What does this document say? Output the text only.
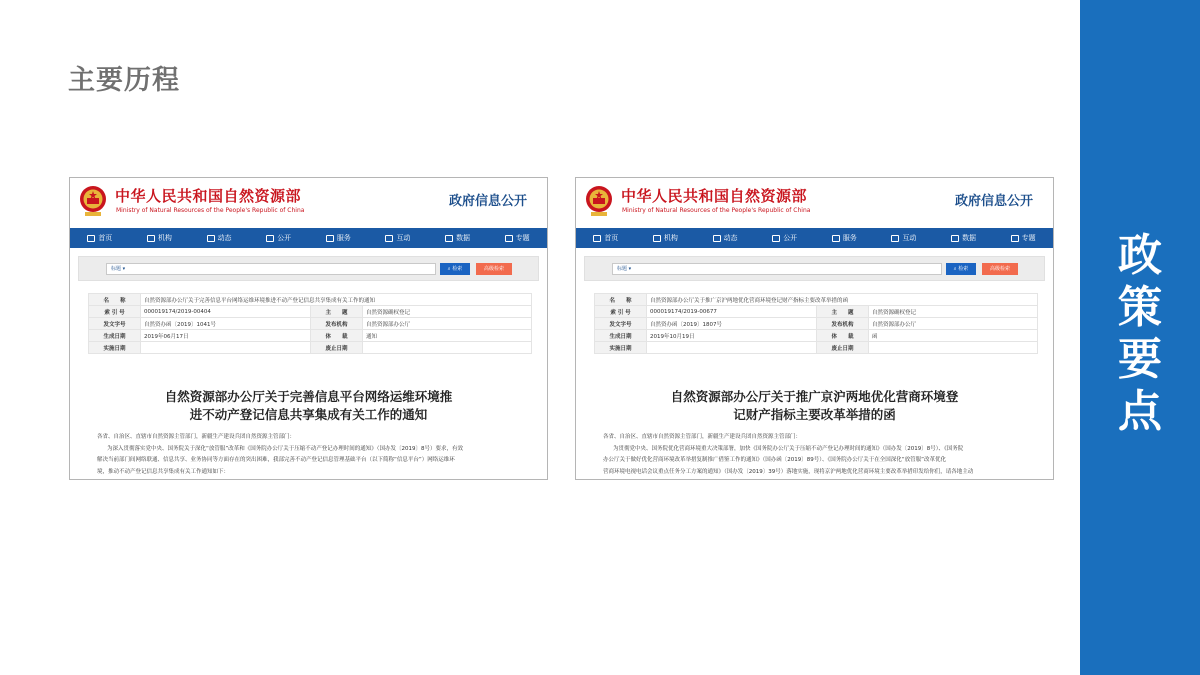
主要历程
中华人民共和国自然资源部
Ministry of Natural Resources of the People's Republic of China
政府信息公开
首页	机构	动态	公开	服务	互动	数据	专题
标题 ▾	⌕ 检索	高级检索
名　　称	自然资源部办公厅关于完善信息平台网络运维环境推进不动产登记信息共享集成有关工作的通知		
索 引 号	000019174/2019-00404	主　　题	自然资源确权登记
发文字号	自然资办函〔2019〕1041号	发布机构	自然资源部办公厅
生成日期	2019年06月17日	体　　裁	通知
实施日期		废止日期	
自然资源部办公厅关于完善信息平台网络运维环境推
进不动产登记信息共享集成有关工作的通知

各省、自治区、直辖市自然资源主管部门，新疆生产建设兵团自然资源主管部门：

为深入贯彻落实党中央、国务院关于深化“放管服”改革和《国务院办公厅关于压缩不动产登记办理时间的通知》（国办发〔2019〕8号）要求，有效

解决当前部门间网络联通、信息共享、业务协同等方面存在的突出困难，我部完善不动产登记信息管理基础平台（以下简称“信息平台”）网络运维环

境，推动不动产登记信息共享集成有关工作通知如下：

中华人民共和国自然资源部
Ministry of Natural Resources of the People's Republic of China
政府信息公开
首页	机构	动态	公开	服务	互动	数据	专题
标题 ▾	⌕ 检索	高级检索
名　　称	自然资源部办公厅关于推广京沪两地优化营商环境登记财产指标主要改革举措的函		
索 引 号	000019174/2019-00677	主　　题	自然资源确权登记
发文字号	自然资办函〔2019〕1807号	发布机构	自然资源部办公厅
生成日期	2019年10月19日	体　　裁	函
实施日期		废止日期	
自然资源部办公厅关于推广京沪两地优化营商环境登
记财产指标主要改革举措的函

各省、自治区、直辖市自然资源主管部门，新疆生产建设兵团自然资源主管部门：

为贯彻党中央、国务院优化营商环境重大决策部署，加快《国务院办公厅关于压缩不动产登记办理时间的通知》（国办发〔2019〕8号）、《国务院

办公厅关于做好优化营商环境改革举措复制推广借鉴工作的通知》（国办函〔2019〕89号）、《国务院办公厅关于在全国深化“放管服”改革优化

营商环境电视电话会议重点任务分工方案的通知》（国办发〔2019〕39号）落地实施，现将京沪两地优化营商环境主要改革举措印发给你们，请各地主动

政
策
要
点
